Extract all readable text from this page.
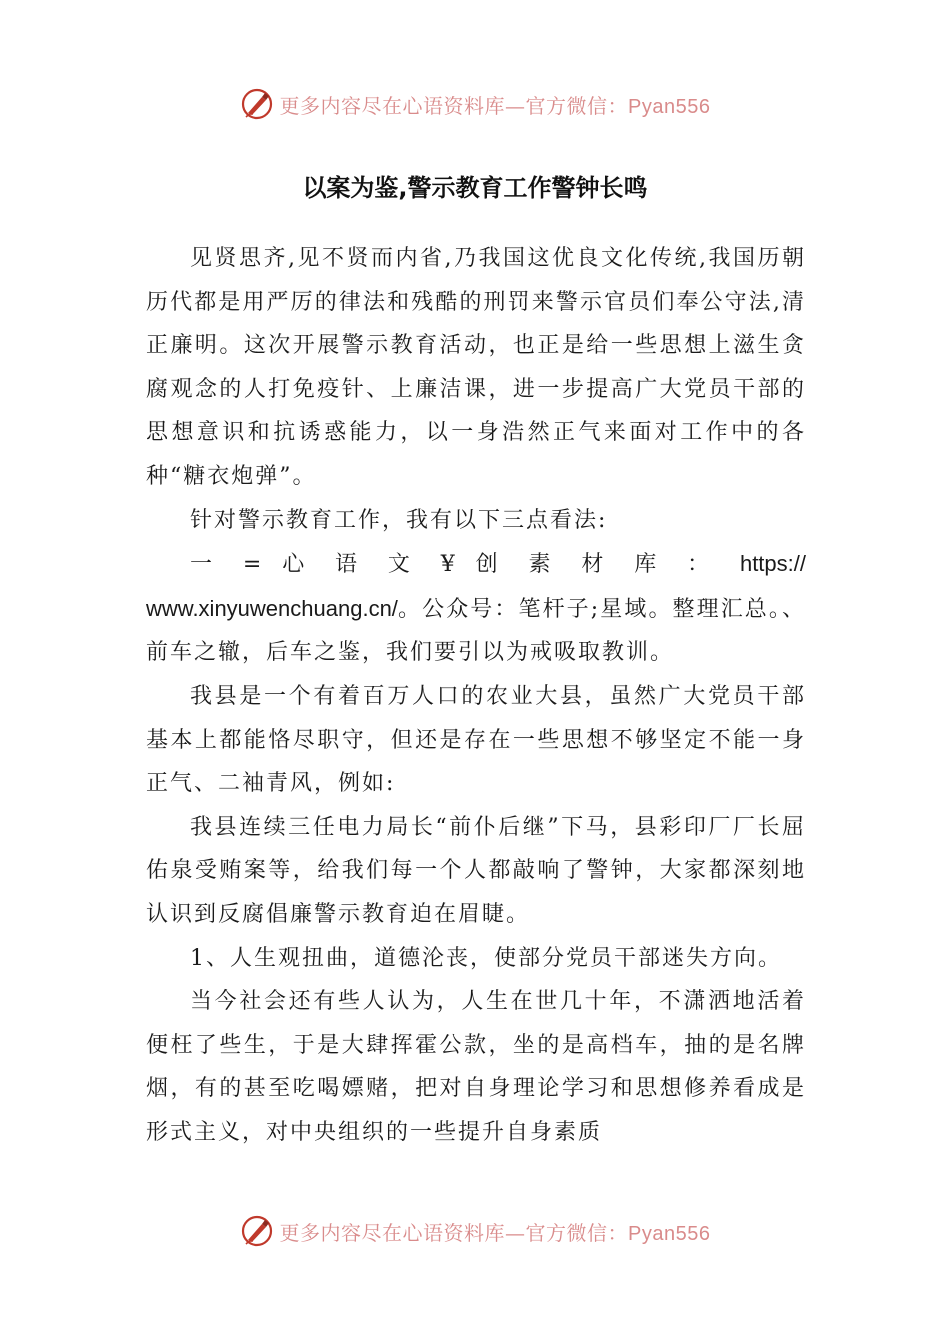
更多内容尽在心语资料库—官方微信：Pyan556
以案为鉴,警示教育工作警钟长鸣

见贤思齐,见不贤而内省,乃我国这优良文化传统,我国历朝历代都是用严厉的律法和残酷的刑罚来警示官员们奉公守法,清正廉明。这次开展警示教育活动，也正是给一些思想上滋生贪腐观念的人打免疫针、上廉洁课，进一步提高广大党员干部的思想意识和抗诱惑能力，以一身浩然正气来面对工作中的各种“糖衣炮弹”。

针对警示教育工作，我有以下三点看法:

一 = 心 语 文 ¥ 创 素 材 库 ： https://

www.xinyuwenchuang.cn/。公众号：笔杆子;星域。整理汇总。、前车之辙，后车之鉴，我们要引以为戒吸取教训。

我县是一个有着百万人口的农业大县，虽然广大党员干部基本上都能恪尽职守，但还是存在一些思想不够坚定不能一身正气、二袖青风，例如:

我县连续三任电力局长“前仆后继”下马，县彩印厂厂长屈佑泉受贿案等，给我们每一个人都敲响了警钟，大家都深刻地认识到反腐倡廉警示教育迫在眉睫。

1、人生观扭曲，道德沦丧，使部分党员干部迷失方向。

当今社会还有些人认为，人生在世几十年，不潇洒地活着便枉了些生，于是大肆挥霍公款，坐的是高档车，抽的是名牌烟，有的甚至吃喝嫖赌，把对自身理论学习和思想修养看成是形式主义，对中央组织的一些提升自身素质

更多内容尽在心语资料库—官方微信：Pyan556
